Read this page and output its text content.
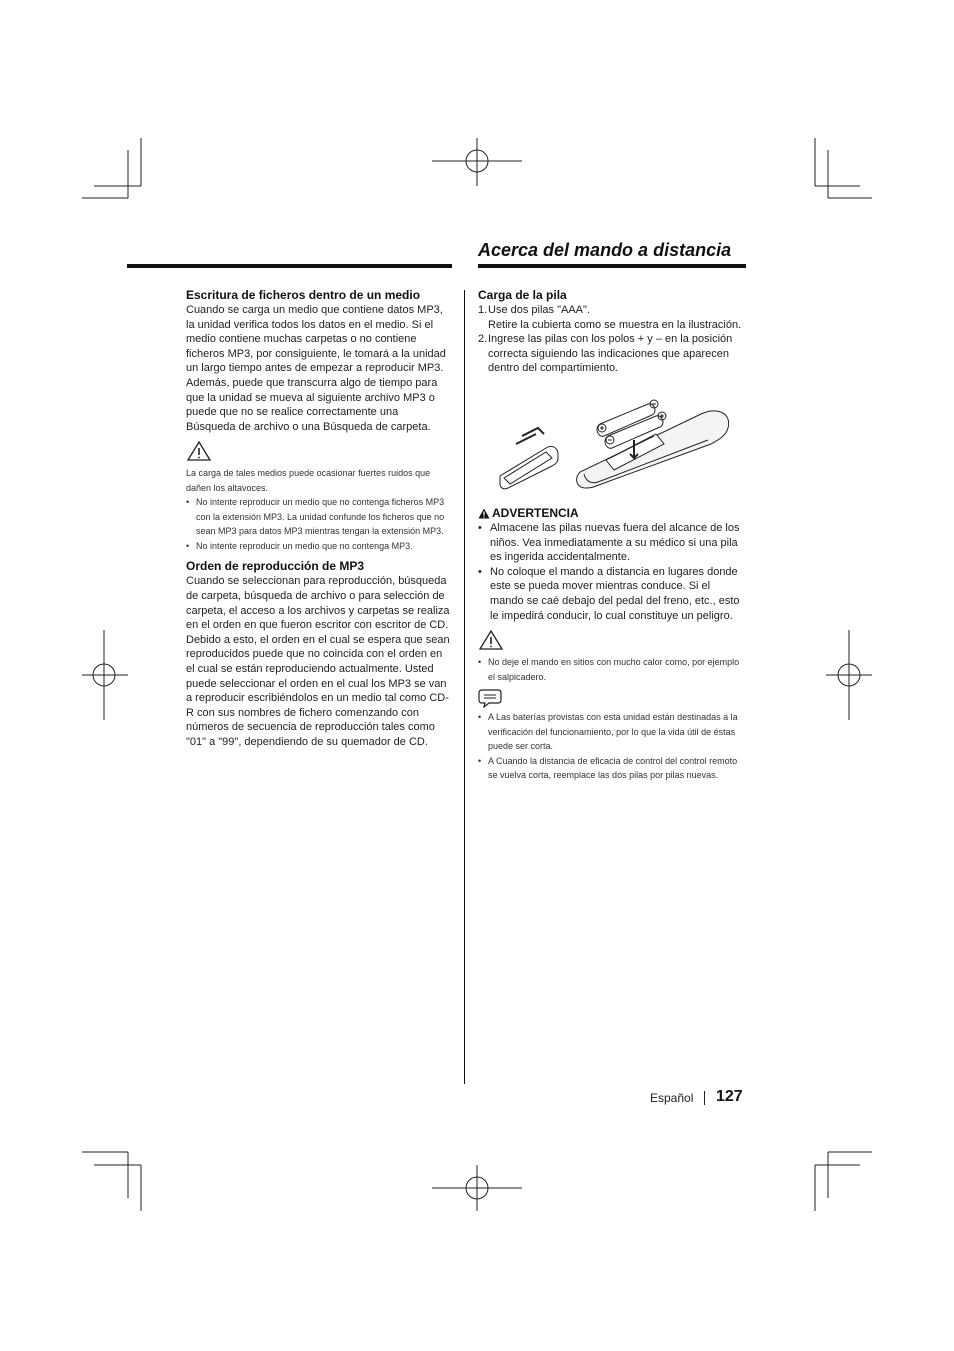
Acerca del mando a distancia
Escritura de ficheros dentro de un medio

Cuando se carga un medio que contiene datos MP3, la unidad verifica todos los datos en el medio. Si el medio contiene muchas carpetas o no contiene ficheros MP3, por consiguiente, le tomará a la unidad un largo tiempo antes de empezar a reproducir MP3.

Además, puede que transcurra algo de tiempo para que la unidad se mueva al siguiente archivo MP3 o puede que no se realice correctamente una Búsqueda de archivo o una Búsqueda de carpeta.

La carga de tales medios puede ocasionar fuertes ruidos que dañen los altavoces.

• No intente reproducir un medio que no contenga ficheros MP3 con la extensión MP3. La unidad confunde los ficheros que no sean MP3 para datos MP3 mientras tengan la extensión MP3.
• No intente reproducir un medio que no contenga MP3.
Orden de reproducción de MP3

Cuando se seleccionan para reproducción, búsqueda de carpeta, búsqueda de archivo o para selección de carpeta, el acceso a los archivos y carpetas se realiza en el orden en que fueron escritor con escritor de CD.

Debido a esto, el orden en el cual se espera que sean reproducidos puede que no coincida con el orden en el cual se están reproduciendo actualmente. Usted puede seleccionar el orden en el cual los MP3 se van a reproducir escribiéndolos en un medio tal como CD-R con sus nombres de fichero comenzando con números de secuencia de reproducción tales como "01" a "99", dependiendo de su quemador de CD.

Carga de la pila
1. Use dos pilas "AAA".

Retire la cubierta como se muestra en la ilustración.

2. Ingrese las pilas con los polos + y – en la posición correcta siguiendo las indicaciones que aparecen dentro del compartimiento.
ADVERTENCIA
• Almacene las pilas nuevas fuera del alcance de los niños. Vea inmediatamente a su médico si una pila es ingerida accidentalmente.
• No coloque el mando a distancia en lugares donde este se pueda mover mientras conduce. Si el mando se caé debajo del pedal del freno, etc., esto le impedirá conducir, lo cual constituye un peligro.
• No deje el mando en sitios con mucho calor como, por ejemplo el salpicadero.
• A Las baterías provistas con esta unidad están destinadas a la verificación del funcionamiento, por lo que la vida útil de éstas puede ser corta.
• A Cuando la distancia de eficacia de control del control remoto se vuelva corta, reemplace las dos pilas por pilas nuevas.
Español 127
